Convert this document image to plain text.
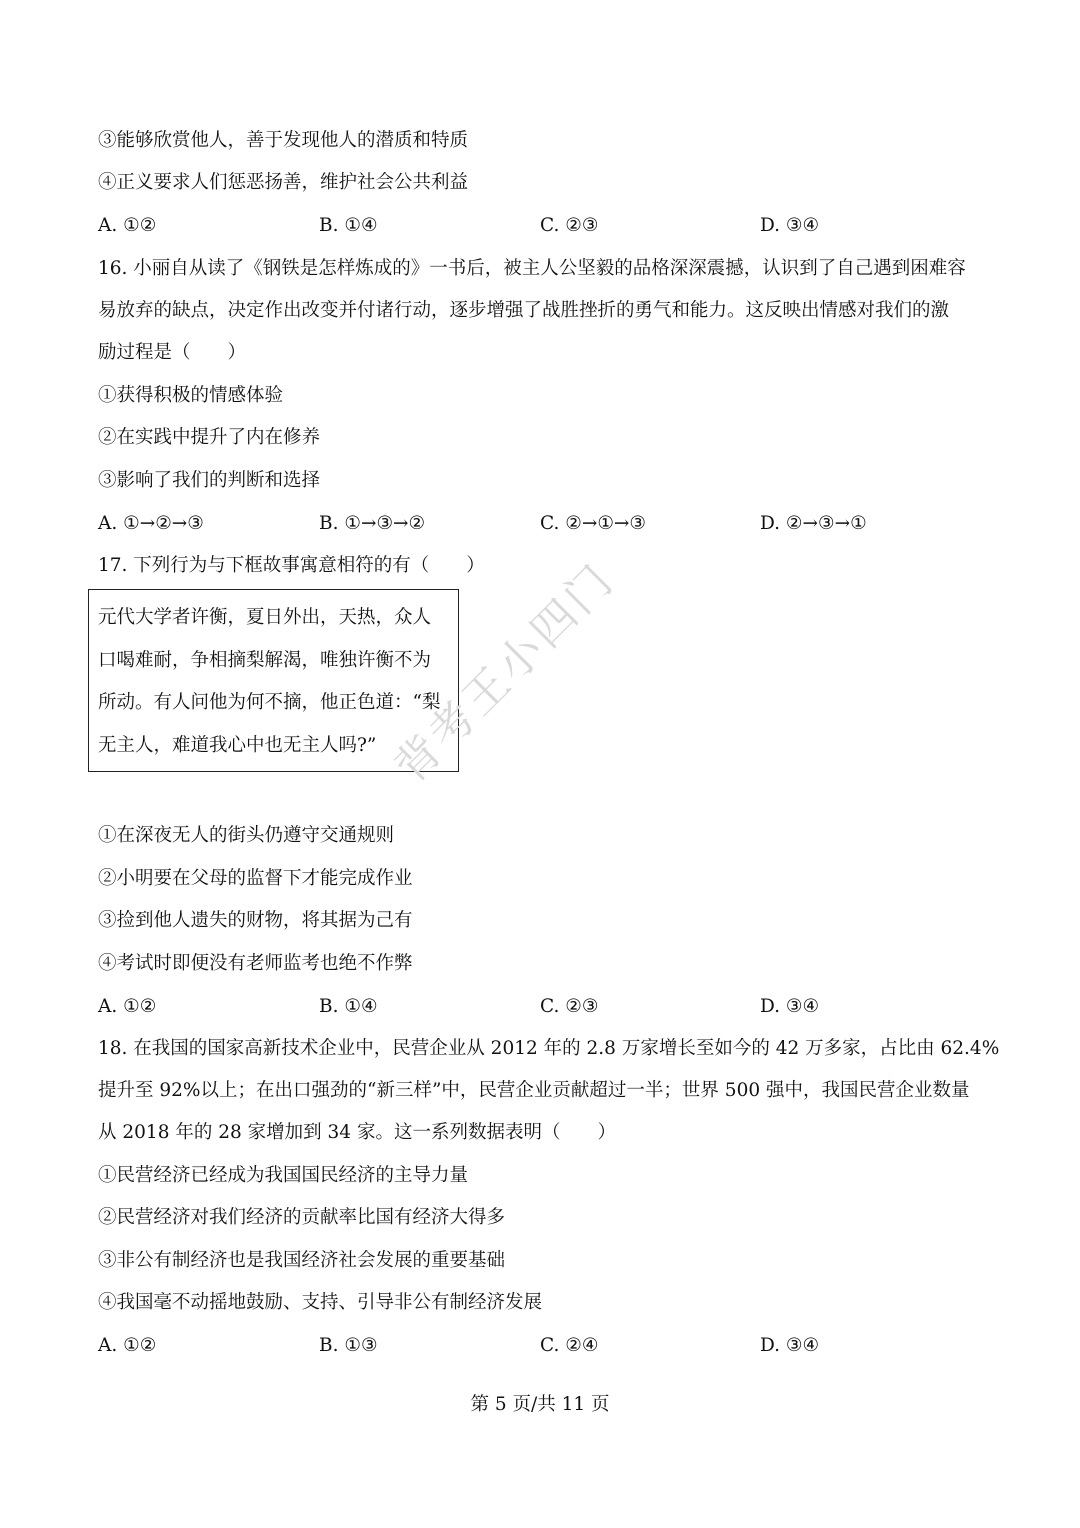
③能够欣赏他人，善于发现他人的潜质和特质
④正义要求人们惩恶扬善，维护社会公共利益
A. ①②	B. ①④	C. ②③	D. ③④
16. 小丽自从读了《钢铁是怎样炼成的》一书后，被主人公坚毅的品格深深震撼，认识到了自己遇到困难容
易放弃的缺点，决定作出改变并付诸行动，逐步增强了战胜挫折的勇气和能力。这反映出情感对我们的激
励过程是（　　）
①获得积极的情感体验
②在实践中提升了内在修养
③影响了我们的判断和选择
A. ①→②→③	B. ①→③→②	C. ②→①→③	D. ②→③→①
17. 下列行为与下框故事寓意相符的有（　　）
元代大学者许衡，夏日外出，天热，众人
口喝难耐，争相摘梨解渴，唯独许衡不为
所动。有人问他为何不摘，他正色道：“梨
无主人，难道我心中也无主人吗?” 背考王小四门
①在深夜无人的街头仍遵守交通规则
②小明要在父母的监督下才能完成作业
③捡到他人遗失的财物，将其据为己有
④考试时即便没有老师监考也绝不作弊
A. ①②	B. ①④	C. ②③	D. ③④
18. 在我国的国家高新技术企业中，民营企业从 2012 年的 2.8 万家增长至如今的 42 万多家，占比由 62.4%
提升至 92%以上；在出口强劲的“新三样”中，民营企业贡献超过一半；世界 500 强中，我国民营企业数量
从 2018 年的 28 家增加到 34 家。这一系列数据表明（　　）
①民营经济已经成为我国国民经济的主导力量
②民营经济对我们经济的贡献率比国有经济大得多
③非公有制经济也是我国经济社会发展的重要基础
④我国毫不动摇地鼓励、支持、引导非公有制经济发展
A. ①②	B. ①③	C. ②④	D. ③④
第 5 页/共 11 页
